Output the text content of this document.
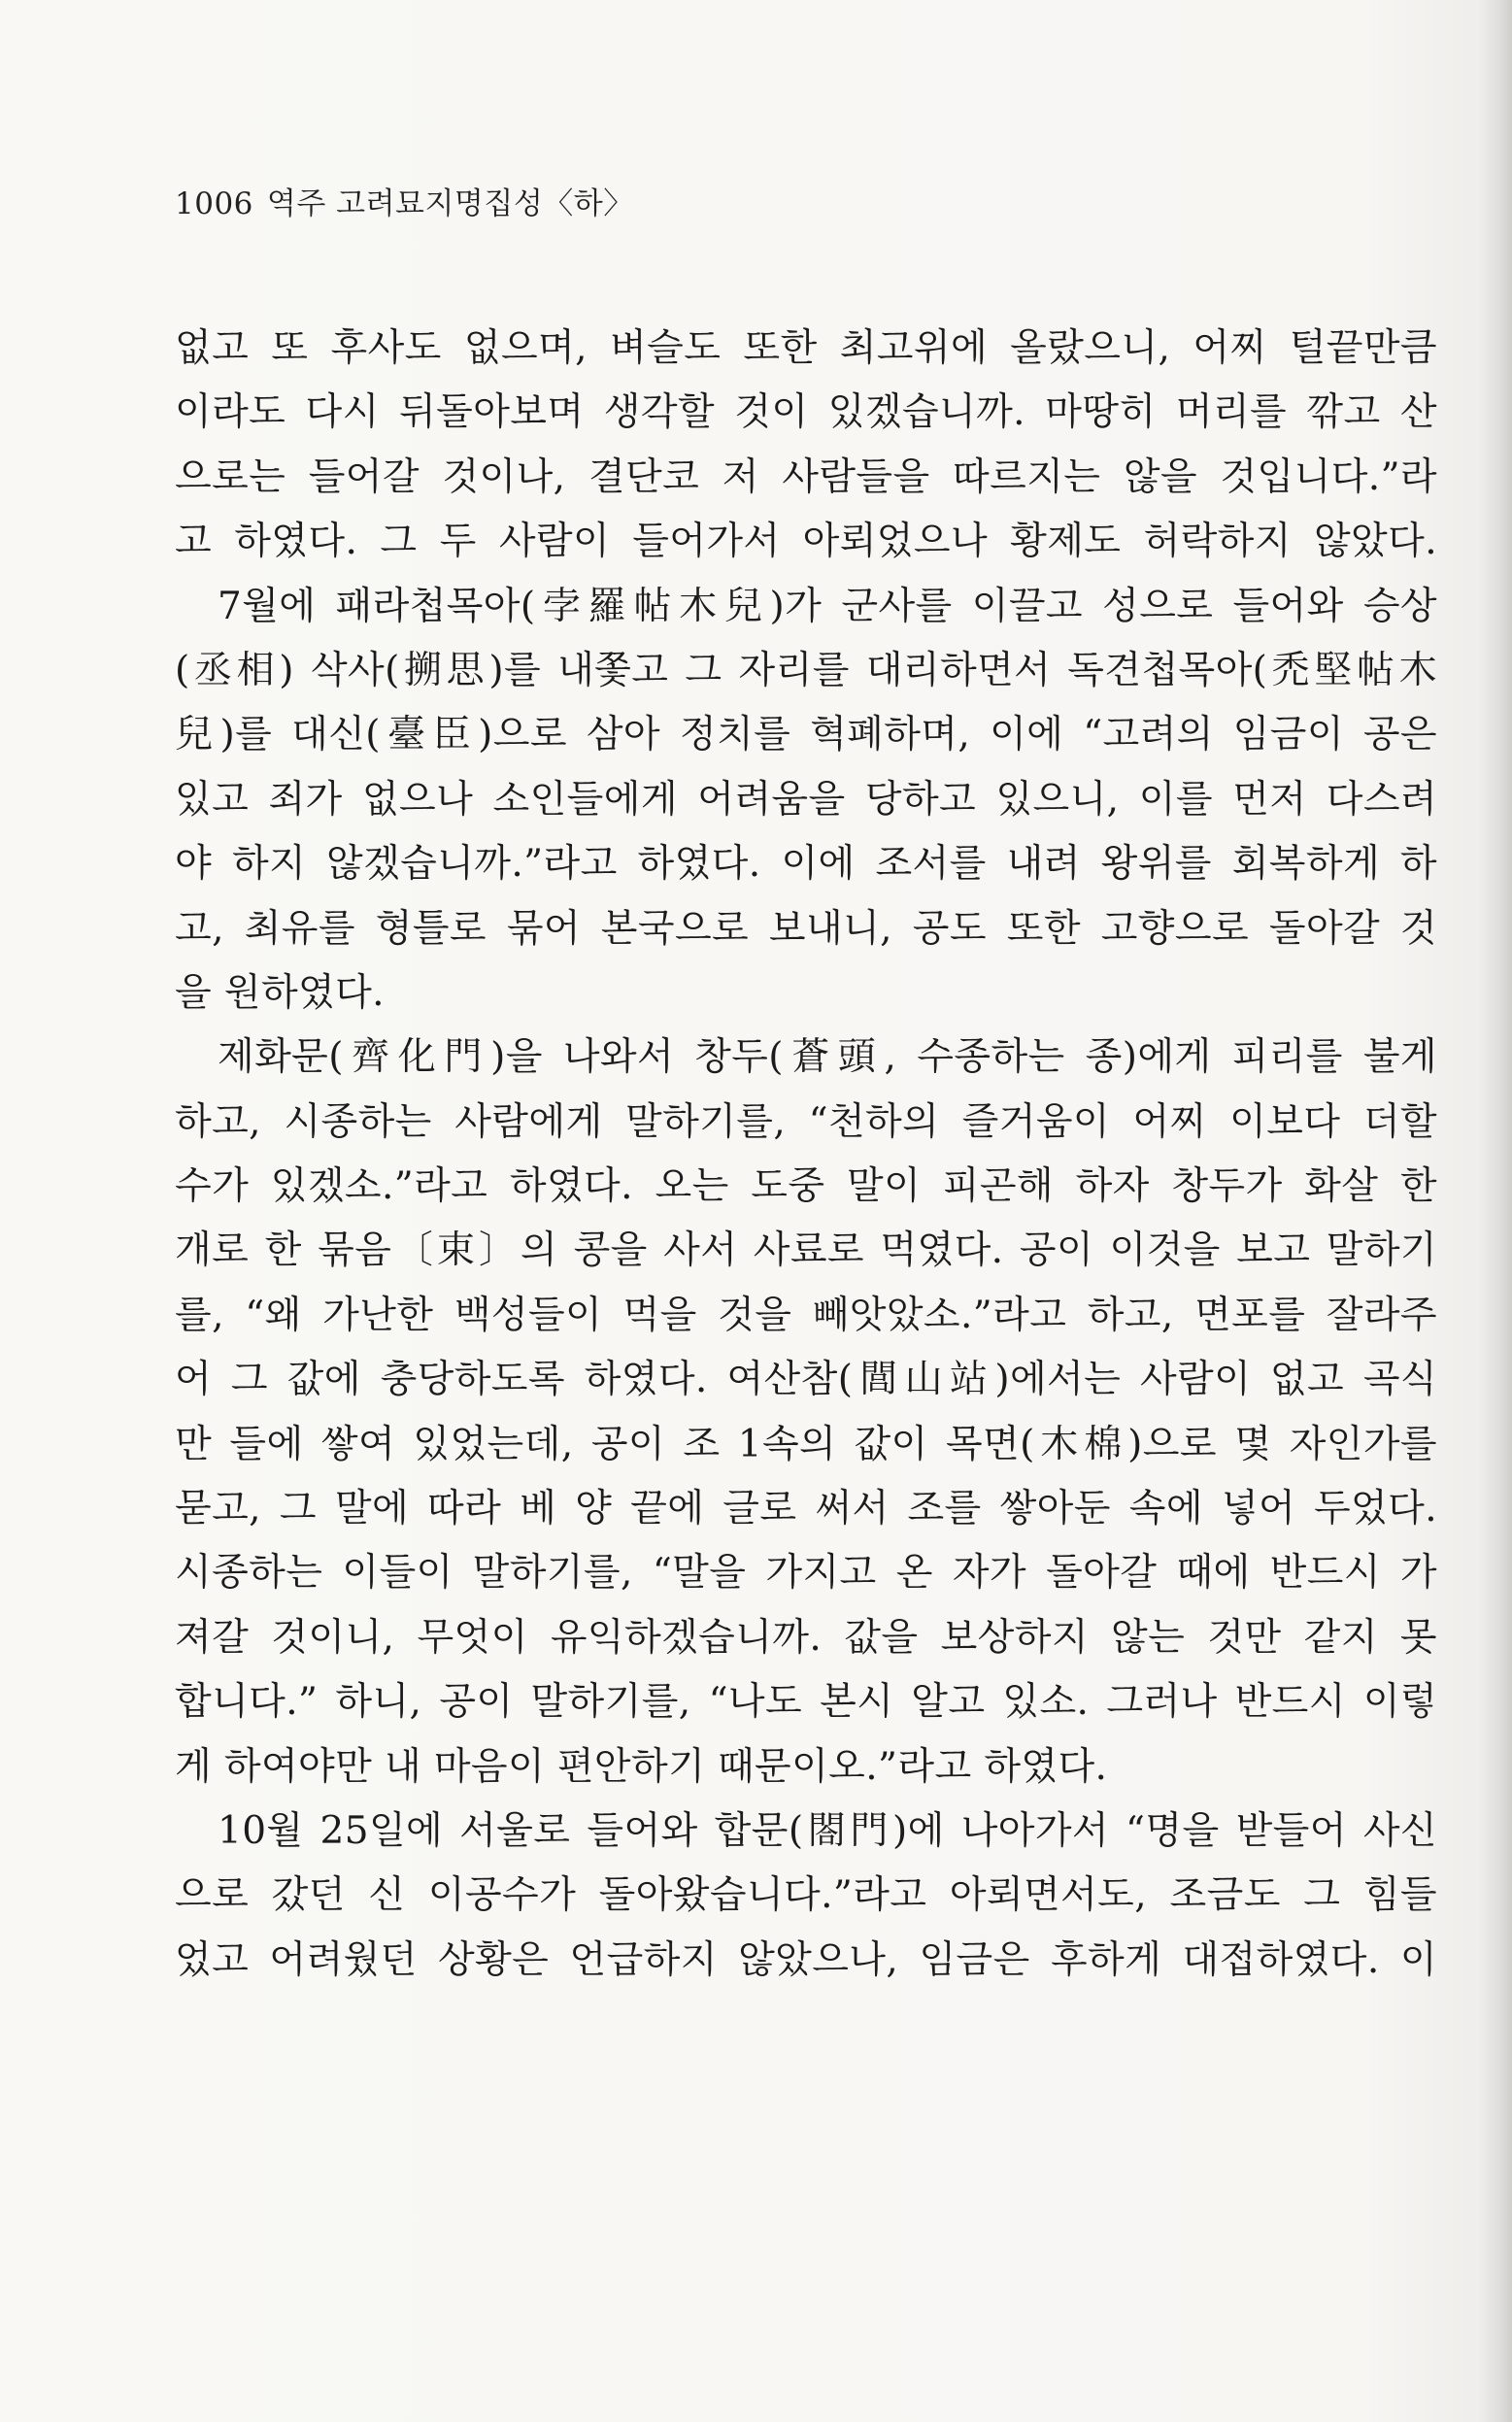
1006 역주 고려묘지명집성〈하〉
없고 또 후사도 없으며, 벼슬도 또한 최고위에 올랐으니, 어찌 털끝만큼
이라도 다시 뒤돌아보며 생각할 것이 있겠습니까. 마땅히 머리를 깎고 산
으로는 들어갈 것이나, 결단코 저 사람들을 따르지는 않을 것입니다.”라
고 하였다. 그 두 사람이 들어가서 아뢰었으나 황제도 허락하지 않았다.
7월에 패라첩목아(孛羅帖木兒)가 군사를 이끌고 성으로 들어와 승상
(丞相) 삭사(搠思)를 내쫓고 그 자리를 대리하면서 독견첩목아(禿堅帖木
兒)를 대신(臺臣)으로 삼아 정치를 혁폐하며, 이에 “고려의 임금이 공은
있고 죄가 없으나 소인들에게 어려움을 당하고 있으니, 이를 먼저 다스려
야 하지 않겠습니까.”라고 하였다. 이에 조서를 내려 왕위를 회복하게 하
고, 최유를 형틀로 묶어 본국으로 보내니, 공도 또한 고향으로 돌아갈 것
을 원하였다.
제화문(齊化門)을 나와서 창두(蒼頭, 수종하는 종)에게 피리를 불게
하고, 시종하는 사람에게 말하기를, “천하의 즐거움이 어찌 이보다 더할
수가 있겠소.”라고 하였다. 오는 도중 말이 피곤해 하자 창두가 화살 한
개로 한 묶음〔束〕의 콩을 사서 사료로 먹였다. 공이 이것을 보고 말하기
를, “왜 가난한 백성들이 먹을 것을 빼앗았소.”라고 하고, 면포를 잘라주
어 그 값에 충당하도록 하였다. 여산참(閭山站)에서는 사람이 없고 곡식
만 들에 쌓여 있었는데, 공이 조 1속의 값이 목면(木棉)으로 몇 자인가를
묻고, 그 말에 따라 베 양 끝에 글로 써서 조를 쌓아둔 속에 넣어 두었다.
시종하는 이들이 말하기를, “말을 가지고 온 자가 돌아갈 때에 반드시 가
져갈 것이니, 무엇이 유익하겠습니까. 값을 보상하지 않는 것만 같지 못
합니다.” 하니, 공이 말하기를, “나도 본시 알고 있소. 그러나 반드시 이렇
게 하여야만 내 마음이 편안하기 때문이오.”라고 하였다.
10월 25일에 서울로 들어와 합문(閤門)에 나아가서 “명을 받들어 사신
으로 갔던 신 이공수가 돌아왔습니다.”라고 아뢰면서도, 조금도 그 힘들
었고 어려웠던 상황은 언급하지 않았으나, 임금은 후하게 대접하였다. 이
